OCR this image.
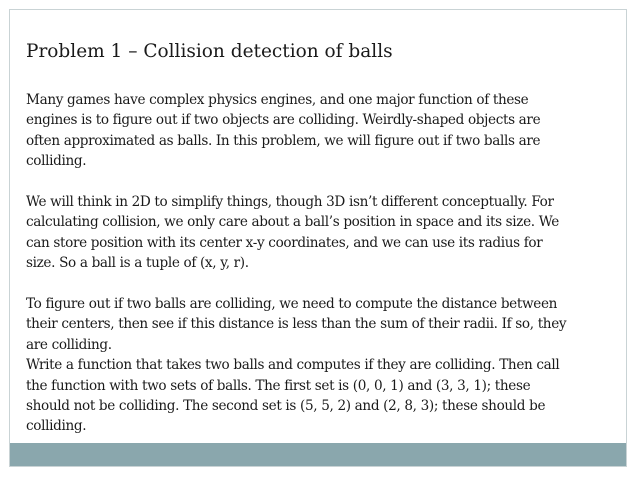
Problem 1 – Collision detection of balls

Many games have complex physics engines, and one major function of these
engines is to figure out if two objects are colliding. Weirdly-shaped objects are
often approximated as balls. In this problem, we will figure out if two balls are
colliding.

We will think in 2D to simplify things, though 3D isn’t different conceptually. For
calculating collision, we only care about a ball’s position in space and its size. We
can store position with its center x-y coordinates, and we can use its radius for
size. So a ball is a tuple of (x, y, r).

To figure out if two balls are colliding, we need to compute the distance between
their centers, then see if this distance is less than the sum of their radii. If so, they
are colliding.
Write a function that takes two balls and computes if they are colliding. Then call
the function with two sets of balls. The first set is (0, 0, 1) and (3, 3, 1); these
should not be colliding. The second set is (5, 5, 2) and (2, 8, 3); these should be
colliding.
